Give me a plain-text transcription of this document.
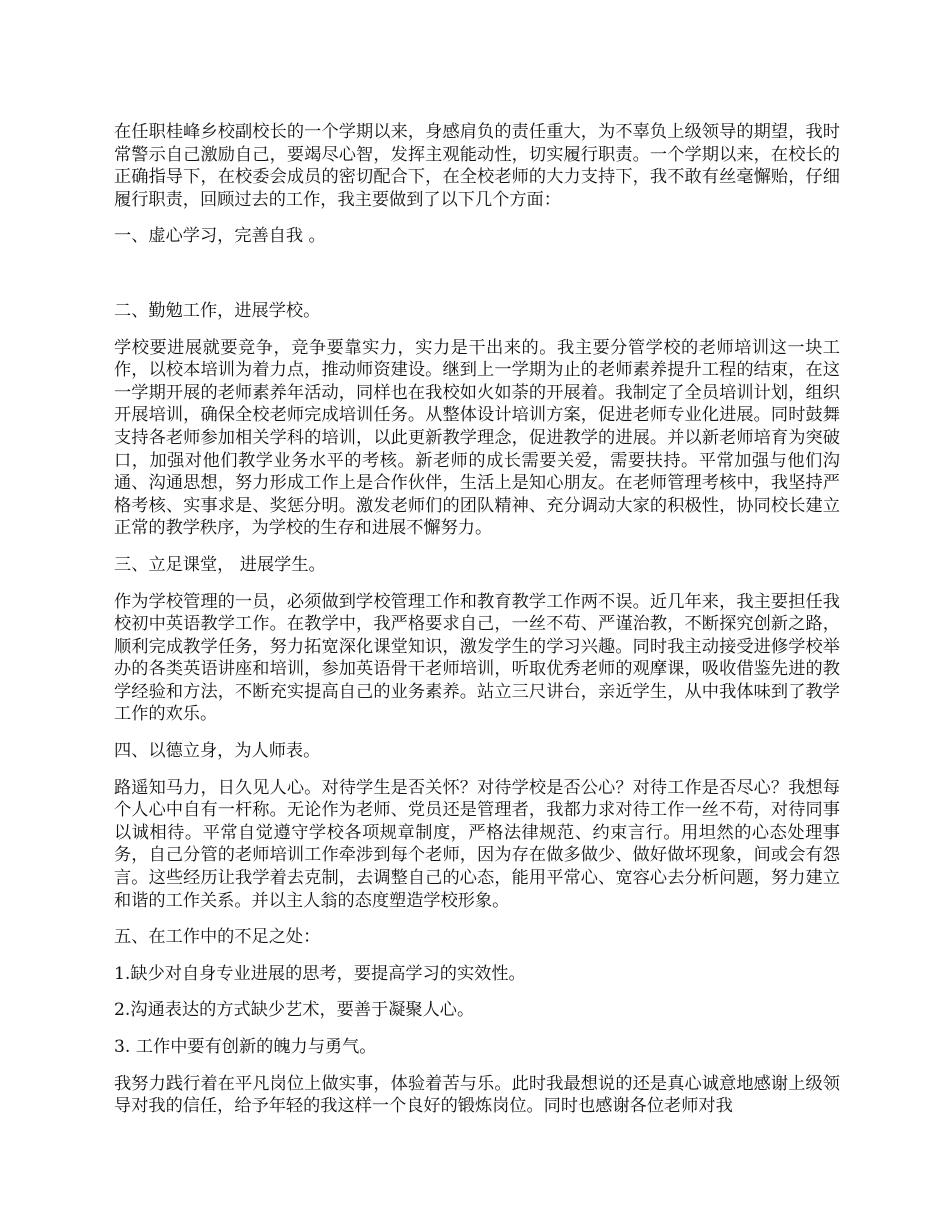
在任职桂峰乡校副校长的一个学期以来，身感肩负的责任重大，为不辜负上级领导的期望，我时常警示自己激励自己，要竭尽心智，发挥主观能动性，切实履行职责。一个学期以来，在校长的正确指导下，在校委会成员的密切配合下，在全校老师的大力支持下，我不敢有丝毫懈贻，仔细履行职责，回顾过去的工作，我主要做到了以下几个方面：

一、虚心学习，完善自我 。

二、勤勉工作，进展学校。

学校要进展就要竞争，竞争要靠实力，实力是干出来的。我主要分管学校的老师培训这一块工作，以校本培训为着力点，推动师资建设。继到上一学期为止的老师素养提升工程的结束，在这一学期开展的老师素养年活动，同样也在我校如火如荼的开展着。我制定了全员培训计划，组织开展培训，确保全校老师完成培训任务。从整体设计培训方案，促进老师专业化进展。同时鼓舞支持各老师参加相关学科的培训，以此更新教学理念，促进教学的进展。并以新老师培育为突破口，加强对他们教学业务水平的考核。新老师的成长需要关爱，需要扶持。平常加强与他们沟通、沟通思想，努力形成工作上是合作伙伴，生活上是知心朋友。在老师管理考核中，我坚持严格考核、实事求是、奖惩分明。激发老师们的团队精神、充分调动大家的积极性，协同校长建立正常的教学秩序，为学校的生存和进展不懈努力。

三、立足课堂， 进展学生。

作为学校管理的一员，必须做到学校管理工作和教育教学工作两不误。近几年来，我主要担任我校初中英语教学工作。在教学中，我严格要求自己，一丝不苟、严谨治教，不断探究创新之路，顺利完成教学任务，努力拓宽深化课堂知识，激发学生的学习兴趣。同时我主动接受进修学校举办的各类英语讲座和培训，参加英语骨干老师培训，听取优秀老师的观摩课，吸收借鉴先进的教学经验和方法，不断充实提高自己的业务素养。站立三尺讲台，亲近学生，从中我体味到了教学工作的欢乐。

四、以德立身，为人师表。

路遥知马力，日久见人心。对待学生是否关怀？对待学校是否公心？对待工作是否尽心？我想每个人心中自有一杆称。无论作为老师、党员还是管理者，我都力求对待工作一丝不苟，对待同事以诚相待。平常自觉遵守学校各项规章制度，严格法律规范、约束言行。用坦然的心态处理事务，自己分管的老师培训工作牵涉到每个老师，因为存在做多做少、做好做坏现象，间或会有怨言。这些经历让我学着去克制，去调整自己的心态，能用平常心、宽容心去分析问题，努力建立和谐的工作关系。并以主人翁的态度塑造学校形象。

五、在工作中的不足之处：

1.缺少对自身专业进展的思考，要提高学习的实效性。

2.沟通表达的方式缺少艺术，要善于凝聚人心。

3. 工作中要有创新的魄力与勇气。

我努力践行着在平凡岗位上做实事，体验着苦与乐。此时我最想说的还是真心诚意地感谢上级领导对我的信任，给予年轻的我这样一个良好的锻炼岗位。同时也感谢各位老师对我
